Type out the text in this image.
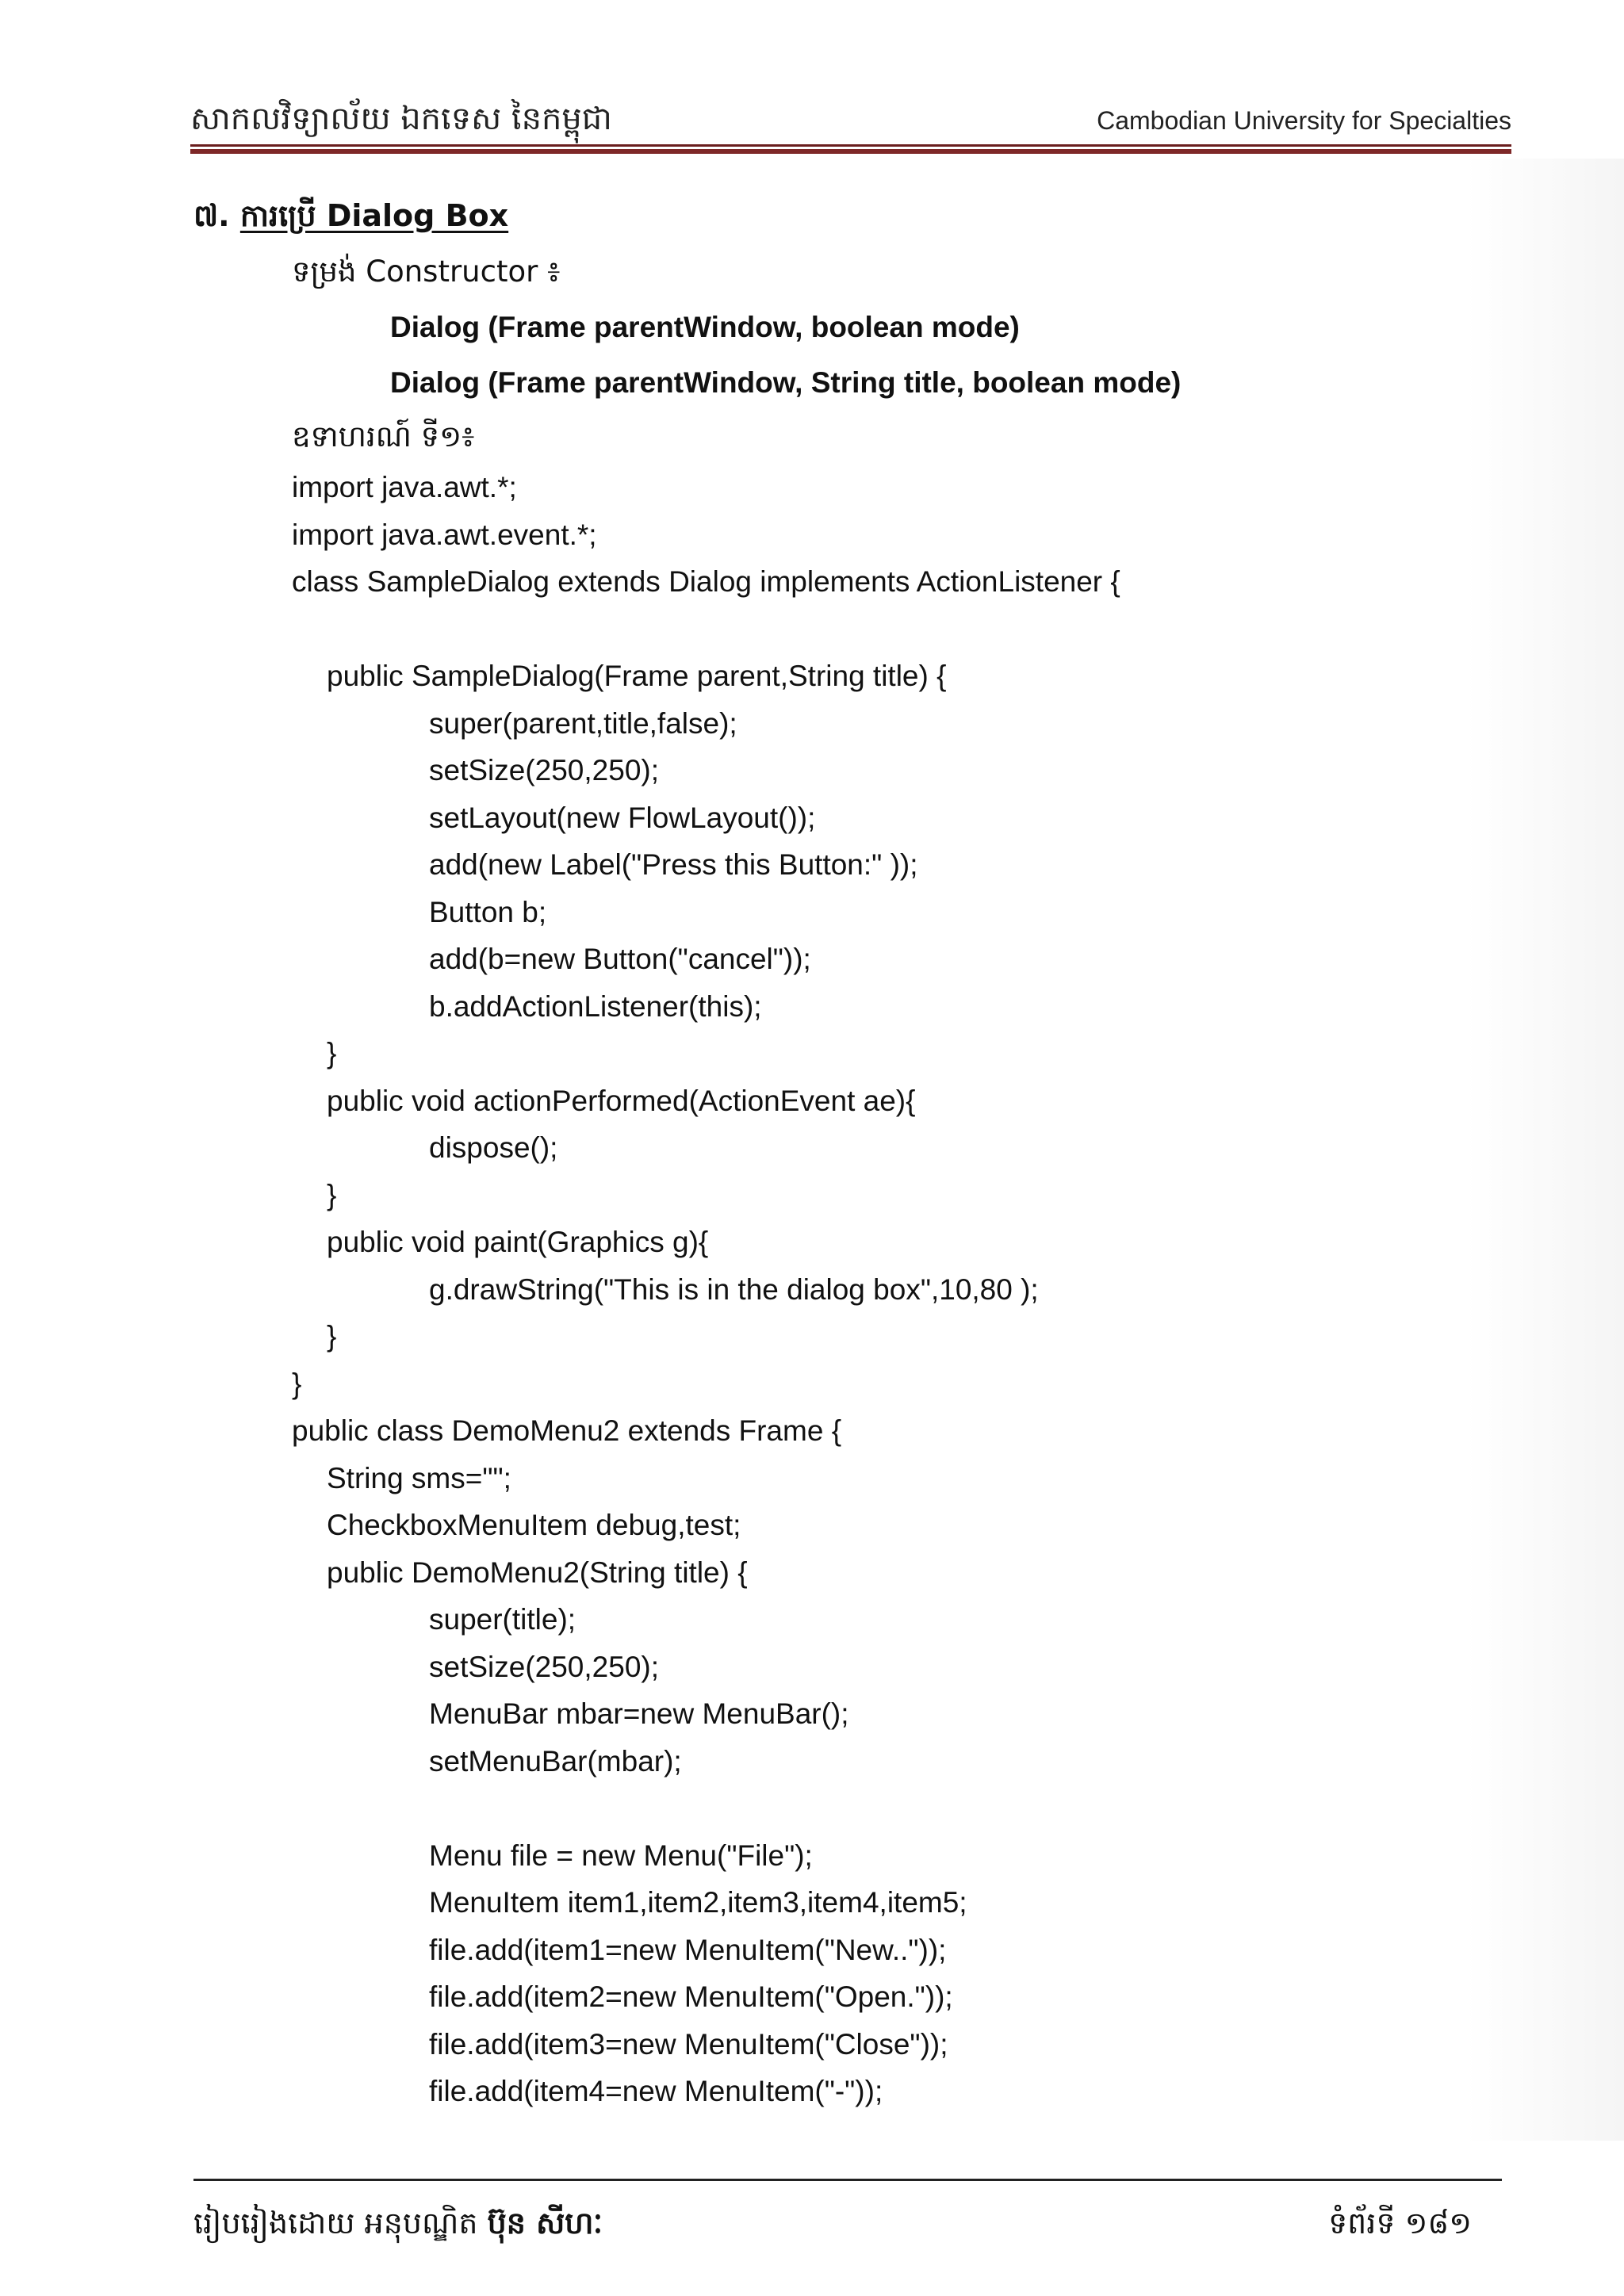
សាកលវិទ្យាល័យ ឯកទេស នៃកម្ពុជា	Cambodian University for Specialties
៧. ការប្រើ Dialog Box
ទម្រង់ Constructor ៖
Dialog (Frame parentWindow, boolean mode)
Dialog (Frame parentWindow, String title, boolean mode)
ឧទាហរណ៍ ទី១៖
import java.awt.*;
import java.awt.event.*;
class SampleDialog extends Dialog implements ActionListener {
public SampleDialog(Frame parent,String title) {
super(parent,title,false);
setSize(250,250);
setLayout(new FlowLayout());
add(new Label("Press this Button:" ));
Button b;
add(b=new Button("cancel"));
b.addActionListener(this);
}
public void actionPerformed(ActionEvent ae){
dispose();
}
public void paint(Graphics g){
g.drawString("This is in the dialog box",10,80 );
}
}
public class DemoMenu2 extends Frame {
String sms="";
CheckboxMenuItem debug,test;
public DemoMenu2(String title) {
super(title);
setSize(250,250);
MenuBar mbar=new MenuBar();
setMenuBar(mbar);
Menu file = new Menu("File");
MenuItem item1,item2,item3,item4,item5;
file.add(item1=new MenuItem("New.."));
file.add(item2=new MenuItem("Open."));
file.add(item3=new MenuItem("Close"));
file.add(item4=new MenuItem("-"));
រៀបរៀងដោយ អនុបណ្ឌិត ប៊ុន សីហៈ	ទំព័រទី ១៨១
